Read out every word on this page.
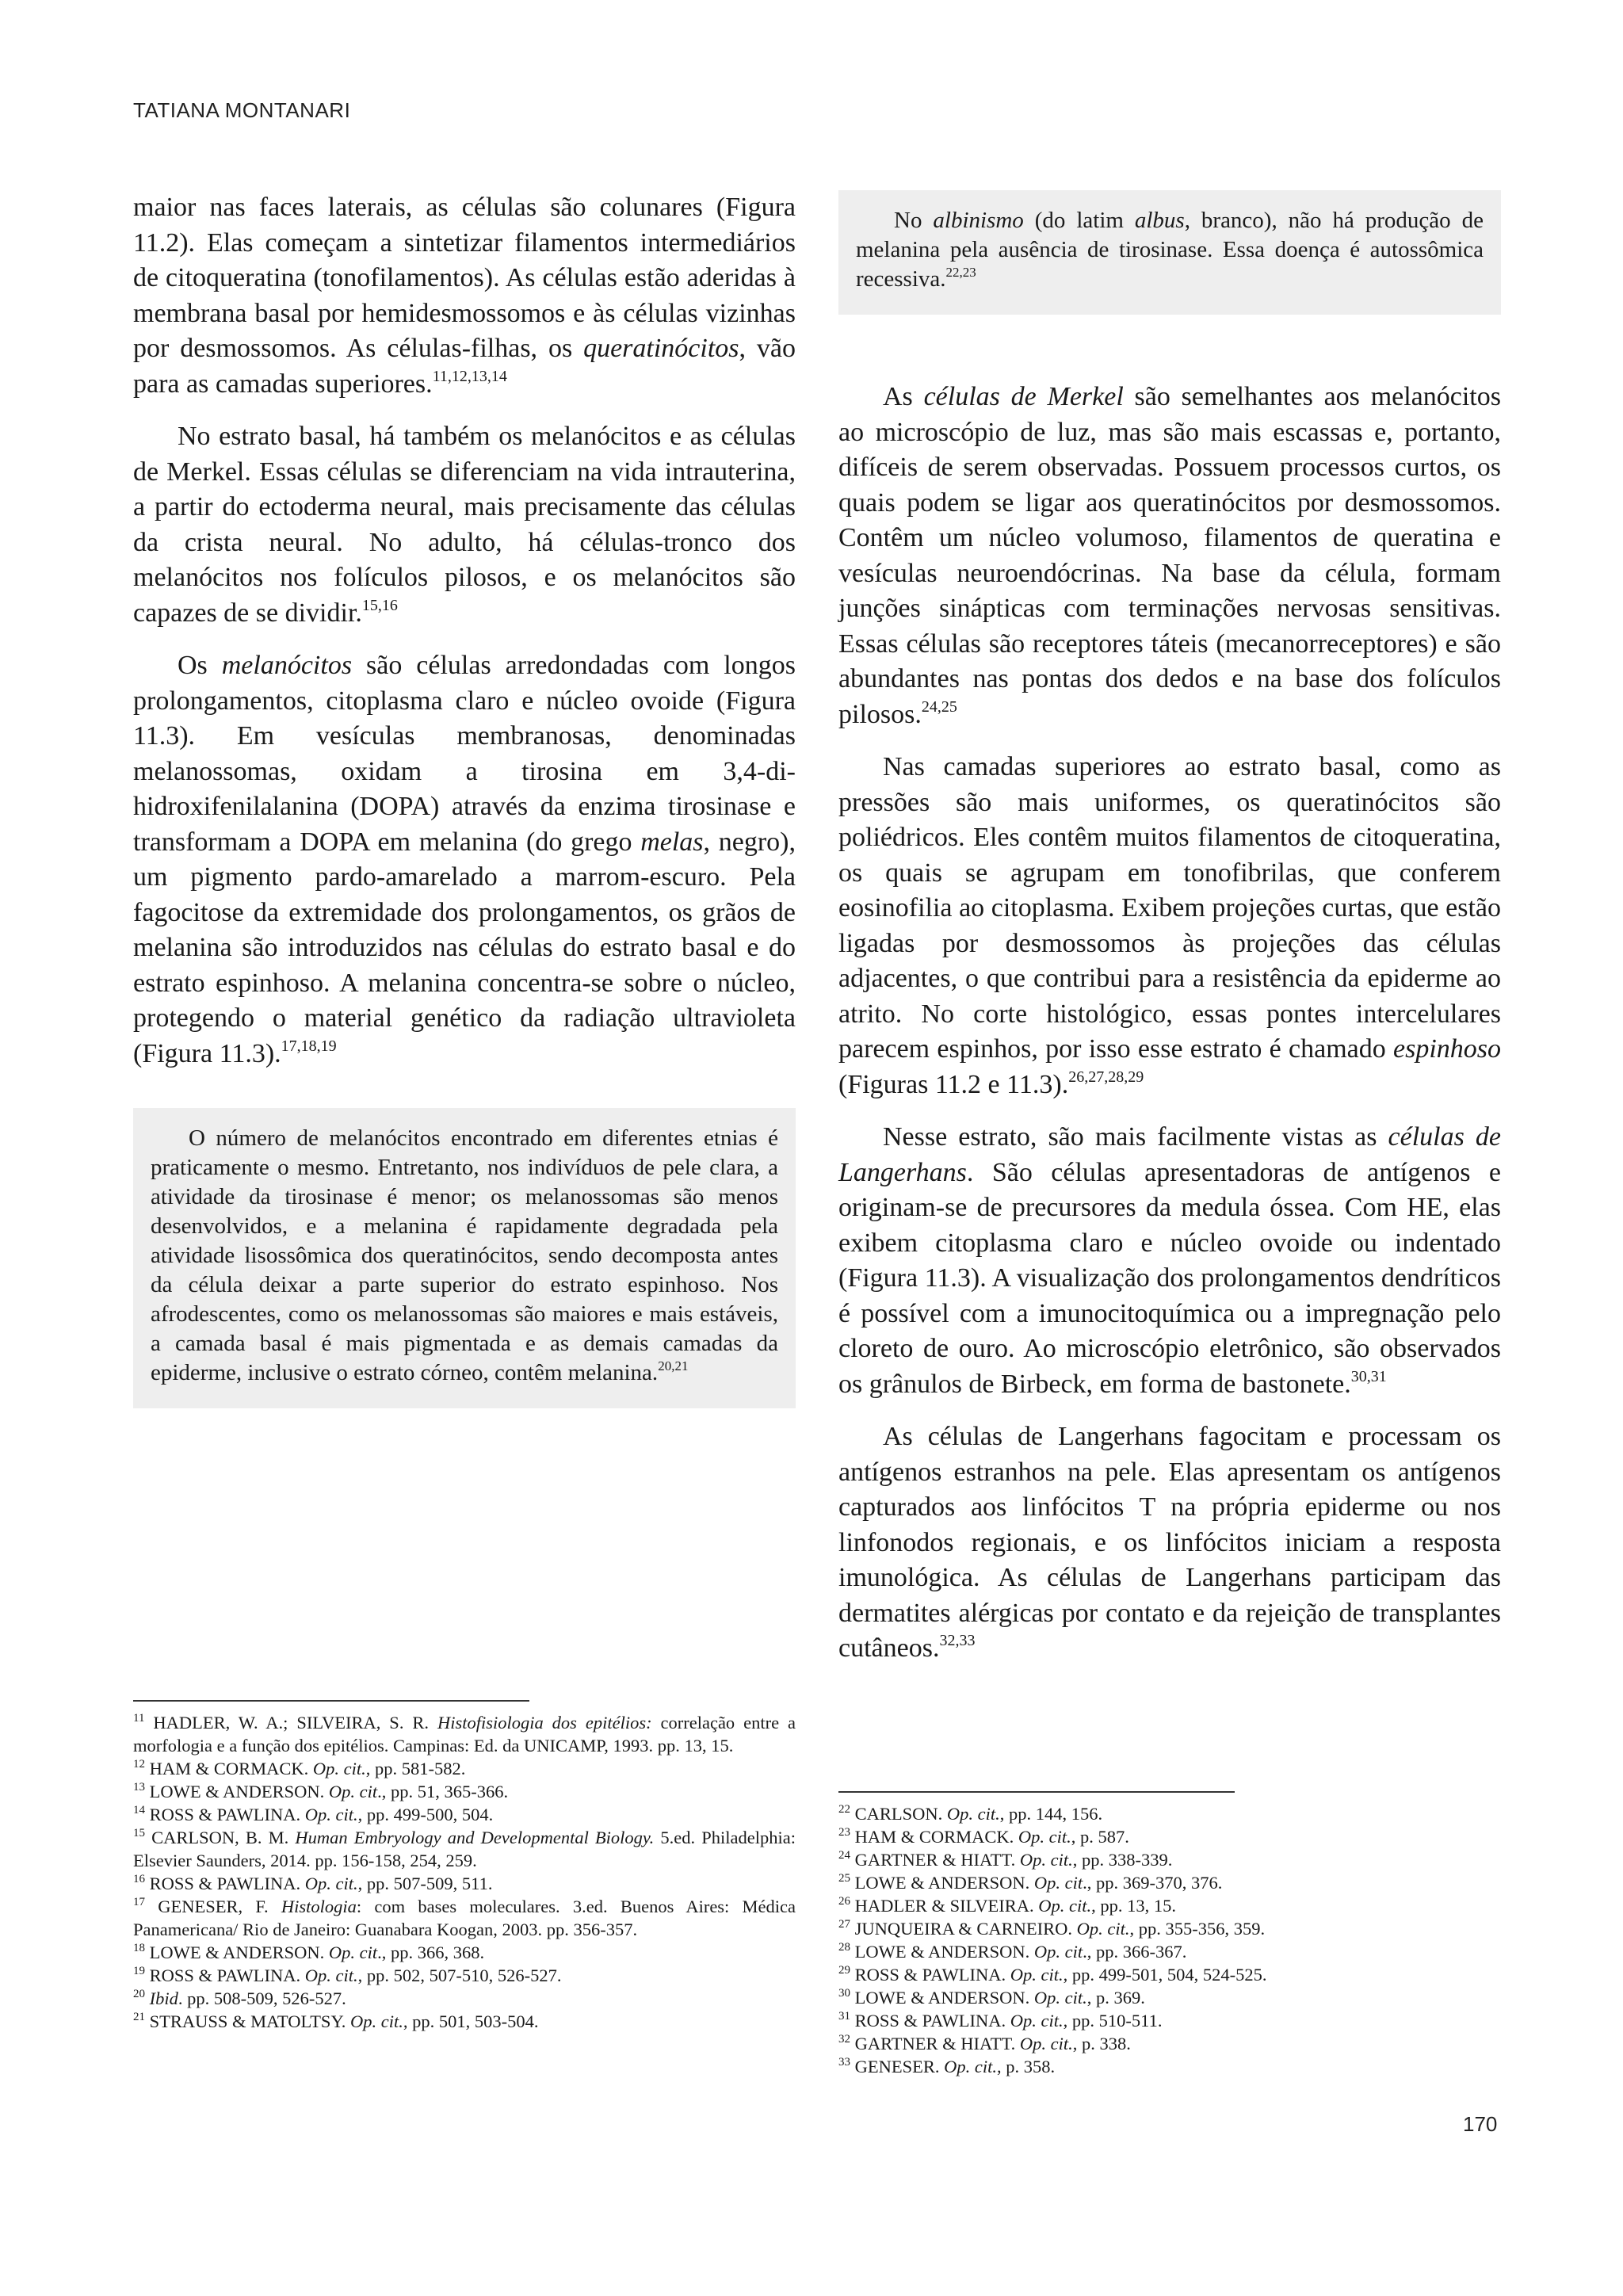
TATIANA MONTANARI

maior nas faces laterais, as células são colunares (Figura 11.2). Elas começam a sintetizar filamentos intermediários de citoqueratina (tonofilamentos). As células estão aderidas à membrana basal por hemidesmossomos e às células vizinhas por desmossomos. As células-filhas, os queratinócitos, vão para as camadas superiores.$^{11,12,13,14}$

No estrato basal, há também os melanócitos e as células de Merkel. Essas células se diferenciam na vida intrauterina, a partir do ectoderma neural, mais precisamente das células da crista neural. No adulto, há células-tronco dos melanócitos nos folículos pilosos, e os melanócitos são capazes de se dividir.$^{15,16}$

Os melanócitos são células arredondadas com longos prolongamentos, citoplasma claro e núcleo ovoide (Figura 11.3). Em vesículas membranosas, denominadas melanossomas, oxidam a tirosina em 3,4-di-hidroxifenilalanina (DOPA) através da enzima tirosinase e transformam a DOPA em melanina (do grego melas, negro), um pigmento pardo-amarelado a marrom-escuro. Pela fagocitose da extremidade dos prolongamentos, os grãos de melanina são introduzidos nas células do estrato basal e do estrato espinhoso. A melanina concentra-se sobre o núcleo, protegendo o material genético da radiação ultravioleta (Figura 11.3).$^{17,18,19}$

O número de melanócitos encontrado em diferentes etnias é praticamente o mesmo. Entretanto, nos indivíduos de pele clara, a atividade da tirosinase é menor; os melanossomas são menos desenvolvidos, e a melanina é rapidamente degradada pela atividade lisossômica dos queratinócitos, sendo decomposta antes da célula deixar a parte superior do estrato espinhoso. Nos afrodescentes, como os melanossomas são maiores e mais estáveis, a camada basal é mais pigmentada e as demais camadas da epiderme, inclusive o estrato córneo, contêm melanina.$^{20,21}$

$^{11}$ HADLER, W. A.; SILVEIRA, S. R. Histofisiologia dos epitélios: correlação entre a morfologia e a função dos epitélios. Campinas: Ed. da UNICAMP, 1993. pp. 13, 15.

$^{12}$ HAM & CORMACK. Op. cit., pp. 581-582.

$^{13}$ LOWE & ANDERSON. Op. cit., pp. 51, 365-366.

$^{14}$ ROSS & PAWLINA. Op. cit., pp. 499-500, 504.

$^{15}$ CARLSON, B. M. Human Embryology and Developmental Biology. 5.ed. Philadelphia: Elsevier Saunders, 2014. pp. 156-158, 254, 259.

$^{16}$ ROSS & PAWLINA. Op. cit., pp. 507-509, 511.

$^{17}$ GENESER, F. Histologia: com bases moleculares. 3.ed. Buenos Aires: Médica Panamericana/ Rio de Janeiro: Guanabara Koogan, 2003. pp. 356-357.

$^{18}$ LOWE & ANDERSON. Op. cit., pp. 366, 368.

$^{19}$ ROSS & PAWLINA. Op. cit., pp. 502, 507-510, 526-527.

$^{20}$ Ibid. pp. 508-509, 526-527.

$^{21}$ STRAUSS & MATOLTSY. Op. cit., pp. 501, 503-504.

No albinismo (do latim albus, branco), não há produção de melanina pela ausência de tirosinase. Essa doença é autossômica recessiva.$^{22,23}$

As células de Merkel são semelhantes aos melanócitos ao microscópio de luz, mas são mais escassas e, portanto, difíceis de serem observadas. Possuem processos curtos, os quais podem se ligar aos queratinócitos por desmossomos. Contêm um núcleo volumoso, filamentos de queratina e vesículas neuroendócrinas. Na base da célula, formam junções sinápticas com terminações nervosas sensitivas. Essas células são receptores táteis (mecanorreceptores) e são abundantes nas pontas dos dedos e na base dos folículos pilosos.$^{24,25}$

Nas camadas superiores ao estrato basal, como as pressões são mais uniformes, os queratinócitos são poliédricos. Eles contêm muitos filamentos de citoqueratina, os quais se agrupam em tonofibrilas, que conferem eosinofilia ao citoplasma. Exibem projeções curtas, que estão ligadas por desmossomos às projeções das células adjacentes, o que contribui para a resistência da epiderme ao atrito. No corte histológico, essas pontes intercelulares parecem espinhos, por isso esse estrato é chamado espinhoso (Figuras 11.2 e 11.3).$^{26,27,28,29}$

Nesse estrato, são mais facilmente vistas as células de Langerhans. São células apresentadoras de antígenos e originam-se de precursores da medula óssea. Com HE, elas exibem citoplasma claro e núcleo ovoide ou indentado (Figura 11.3). A visualização dos prolongamentos dendríticos é possível com a imunocitoquímica ou a impregnação pelo cloreto de ouro. Ao microscópio eletrônico, são observados os grânulos de Birbeck, em forma de bastonete.$^{30,31}$

As células de Langerhans fagocitam e processam os antígenos estranhos na pele. Elas apresentam os antígenos capturados aos linfócitos T na própria epiderme ou nos linfonodos regionais, e os linfócitos iniciam a resposta imunológica. As células de Langerhans participam das dermatites alérgicas por contato e da rejeição de transplantes cutâneos.$^{32,33}$

$^{22}$ CARLSON. Op. cit., pp. 144, 156.

$^{23}$ HAM & CORMACK. Op. cit., p. 587.

$^{24}$ GARTNER & HIATT. Op. cit., pp. 338-339.

$^{25}$ LOWE & ANDERSON. Op. cit., pp. 369-370, 376.

$^{26}$ HADLER & SILVEIRA. Op. cit., pp. 13, 15.

$^{27}$ JUNQUEIRA & CARNEIRO. Op. cit., pp. 355-356, 359.

$^{28}$ LOWE & ANDERSON. Op. cit., pp. 366-367.

$^{29}$ ROSS & PAWLINA. Op. cit., pp. 499-501, 504, 524-525.

$^{30}$ LOWE & ANDERSON. Op. cit., p. 369.

$^{31}$ ROSS & PAWLINA. Op. cit., pp. 510-511.

$^{32}$ GARTNER & HIATT. Op. cit., p. 338.

$^{33}$ GENESER. Op. cit., p. 358.

170
